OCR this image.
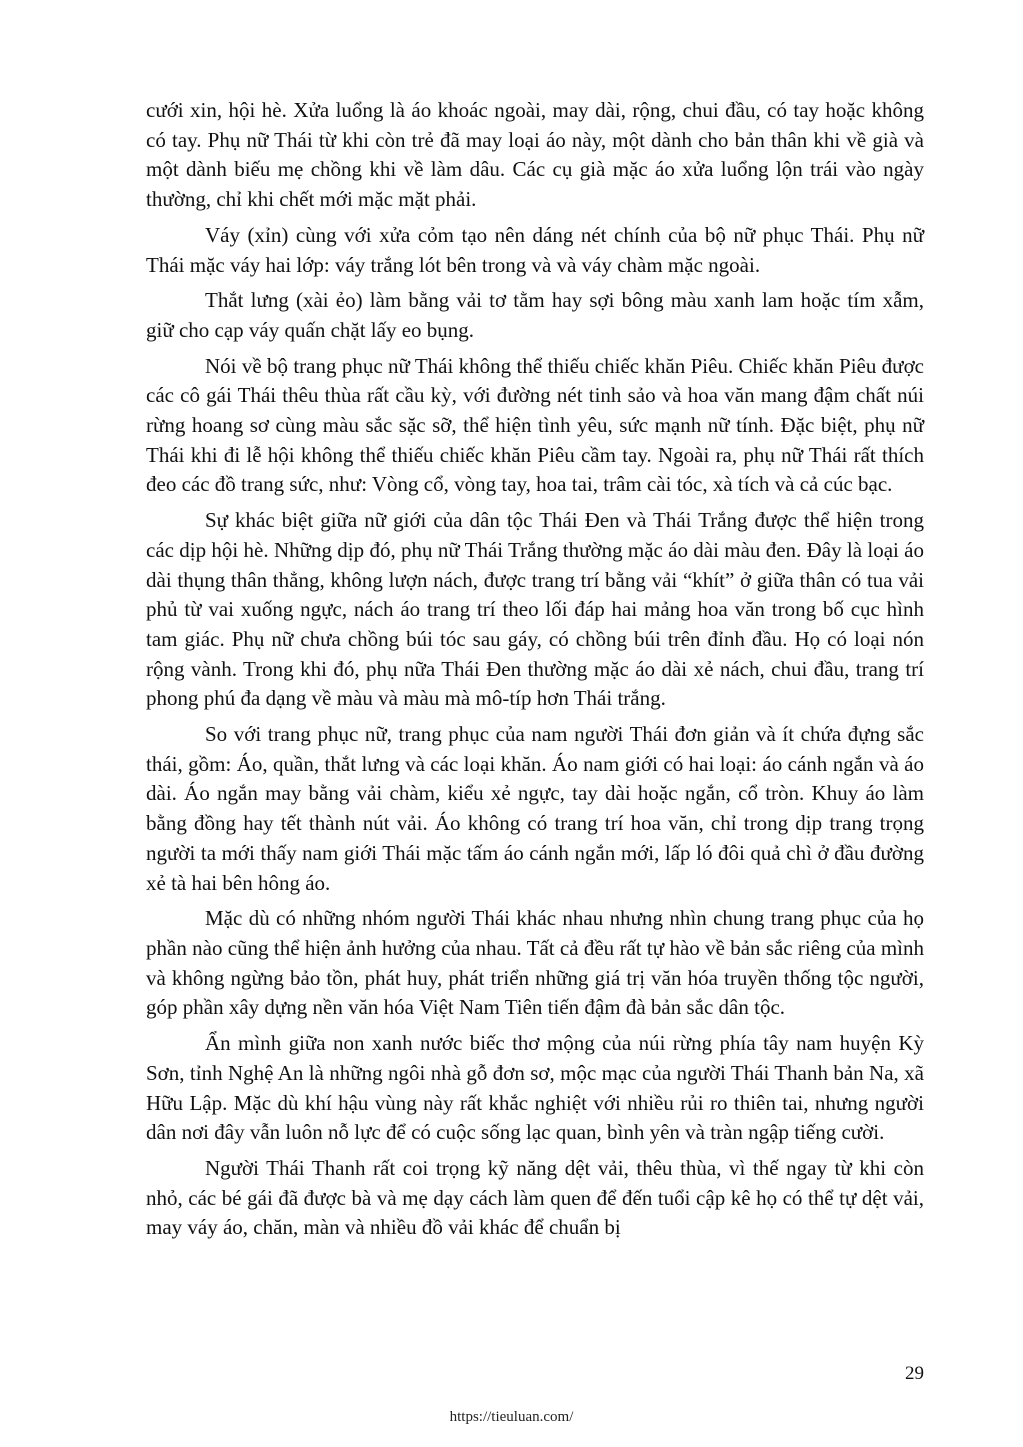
cưới xin, hội hè. Xửa luổng là áo khoác ngoài, may dài, rộng, chui đầu, có tay hoặc không có tay. Phụ nữ Thái từ khi còn trẻ đã may loại áo này, một dành cho bản thân khi về già và một dành biếu mẹ chồng khi về làm dâu. Các cụ già mặc áo xửa luổng lộn trái vào ngày thường, chỉ khi chết mới mặc mặt phải.

Váy (xỉn) cùng với xửa cỏm tạo nên dáng nét chính của bộ nữ phục Thái. Phụ nữ Thái mặc váy hai lớp: váy trắng lót bên trong và và váy chàm mặc ngoài.

Thắt lưng (xài ẻo) làm bằng vải tơ tằm hay sợi bông màu xanh lam hoặc tím xẫm, giữ cho cạp váy quấn chặt lấy eo bụng.

Nói về bộ trang phục nữ Thái không thể thiếu chiếc khăn Piêu. Chiếc khăn Piêu được các cô gái Thái thêu thùa rất cầu kỳ, với đường nét tinh sảo và hoa văn mang đậm chất núi rừng hoang sơ cùng màu sắc sặc sỡ, thể hiện tình yêu, sức mạnh nữ tính. Đặc biệt, phụ nữ Thái khi đi lễ hội không thể thiếu chiếc khăn Piêu cầm tay. Ngoài ra, phụ nữ Thái rất thích đeo các đồ trang sức, như: Vòng cổ, vòng tay, hoa tai, trâm cài tóc, xà tích và cả cúc bạc.

Sự khác biệt giữa nữ giới của dân tộc Thái Đen và Thái Trắng được thể hiện trong các dịp hội hè. Những dịp đó, phụ nữ Thái Trắng thường mặc áo dài màu đen. Đây là loại áo dài thụng thân thẳng, không lượn nách, được trang trí bằng vải “khít” ở giữa thân có tua vải phủ từ vai xuống ngực, nách áo trang trí theo lối đáp hai mảng hoa văn trong bố cục hình tam giác. Phụ nữ chưa chồng búi tóc sau gáy, có chồng búi trên đỉnh đầu. Họ có loại nón rộng vành. Trong khi đó, phụ nữa Thái Đen thường mặc áo dài xẻ nách, chui đầu, trang trí phong phú đa dạng về màu và màu mà mô-típ hơn Thái trắng.

So với trang phục nữ, trang phục của nam người Thái đơn giản và ít chứa đựng sắc thái, gồm: Áo, quần, thắt lưng và các loại khăn. Áo nam giới có hai loại: áo cánh ngắn và áo dài. Áo ngắn may bằng vải chàm, kiểu xẻ ngực, tay dài hoặc ngắn, cổ tròn. Khuy áo làm bằng đồng hay tết thành nút vải. Áo không có trang trí hoa văn, chỉ trong dịp trang trọng người ta mới thấy nam giới Thái mặc tấm áo cánh ngắn mới, lấp ló đôi quả chì ở đầu đường xẻ tà hai bên hông áo.

Mặc dù có những nhóm người Thái khác nhau nhưng nhìn chung trang phục của họ phần nào cũng thể hiện ảnh hưởng của nhau. Tất cả đều rất tự hào về bản sắc riêng của mình và không ngừng bảo tồn, phát huy, phát triển những giá trị văn hóa truyền thống tộc người, góp phần xây dựng nền văn hóa Việt Nam Tiên tiến đậm đà bản sắc dân tộc.

Ẩn mình giữa non xanh nước biếc thơ mộng của núi rừng phía tây nam huyện Kỳ Sơn, tỉnh Nghệ An là những ngôi nhà gỗ đơn sơ, mộc mạc của người Thái Thanh bản Na, xã Hữu Lập. Mặc dù khí hậu vùng này rất khắc nghiệt với nhiều rủi ro thiên tai, nhưng người dân nơi đây vẫn luôn nỗ lực để có cuộc sống lạc quan, bình yên và tràn ngập tiếng cười.

Người Thái Thanh rất coi trọng kỹ năng dệt vải, thêu thùa, vì thế ngay từ khi còn nhỏ, các bé gái đã được bà và mẹ dạy cách làm quen để đến tuổi cập kê họ có thể tự dệt vải, may váy áo, chăn, màn và nhiều đồ vải khác để chuẩn bị

29
https://tieuluan.com/
